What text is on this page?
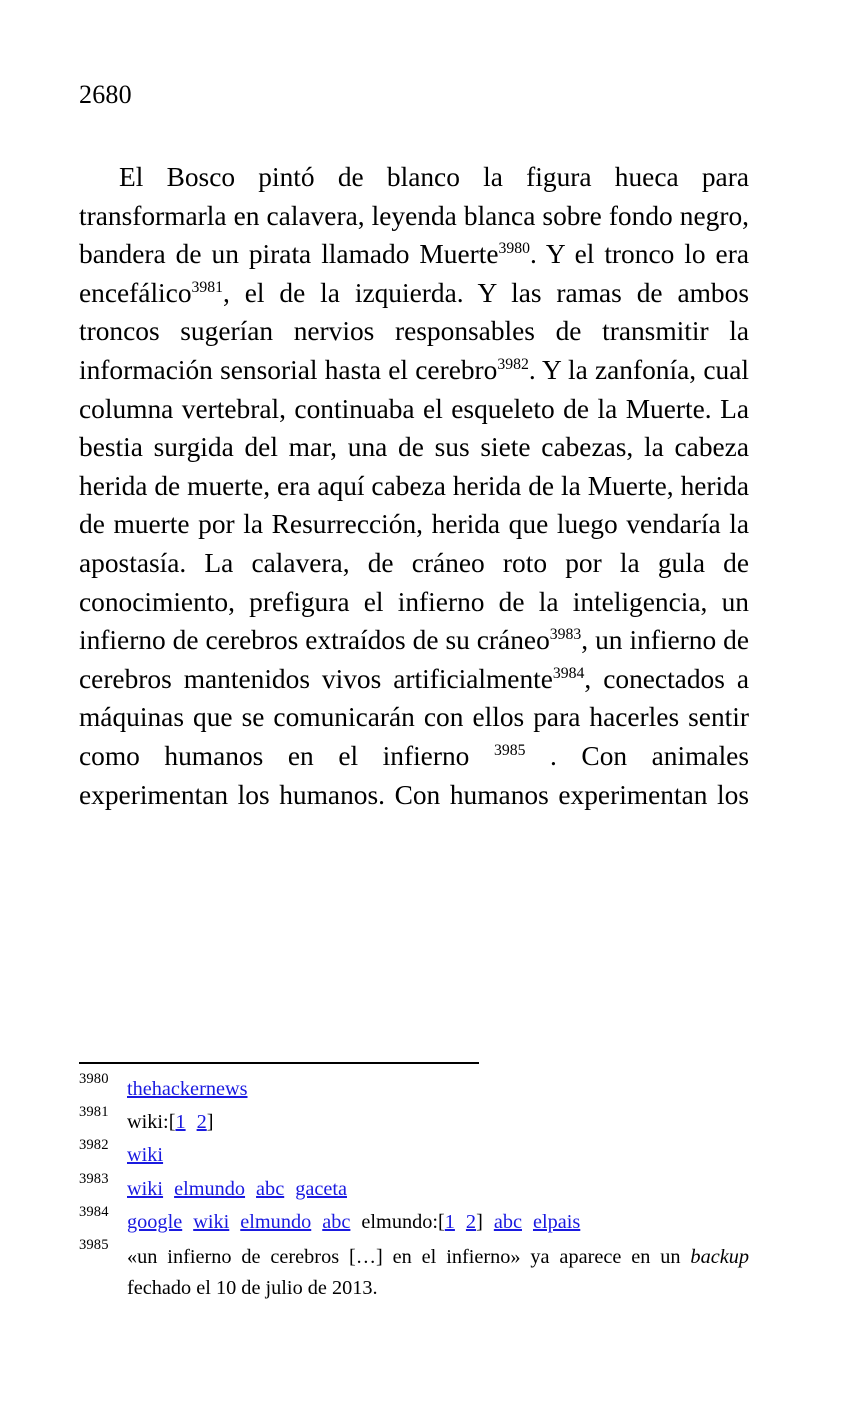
2680

El Bosco pintó de blanco la figura hueca para transformarla en calavera, leyenda blanca sobre fondo negro, bandera de un pirata llamado Muerte$^{3980}$. Y el tronco lo era encefálico$^{3981}$, el de la izquierda. Y las ramas de ambos troncos sugerían nervios responsables de transmitir la información sensorial hasta el cerebro$^{3982}$. Y la zanfonía, cual columna vertebral, continuaba el esqueleto de la Muerte. La bestia surgida del mar, una de sus siete cabezas, la cabeza herida de muerte, era aquí cabeza herida de la Muerte, herida de muerte por la Resurrección, herida que luego vendaría la apostasía. La calavera, de cráneo roto por la gula de conocimiento, prefigura el infierno de la inteligencia, un infierno de cerebros extraídos de su cráneo$^{3983}$, un infierno de cerebros mantenidos vivos artificialmente$^{3984}$, conectados a máquinas que se comunicarán con ellos para hacerles sentir como humanos en el infierno $^{3985}$ . Con animales experimentan los humanos. Con humanos experimentan los

3980 thehackernews
3981 wiki:[1 2]
3982 wiki
3983 wiki elmundo abc gaceta
3984 google wiki elmundo abc elmundo:[1 2] abc elpais
3985
«un infierno de cerebros […] en el infierno» ya aparece en un backup fechado el 10 de julio de 2013.
